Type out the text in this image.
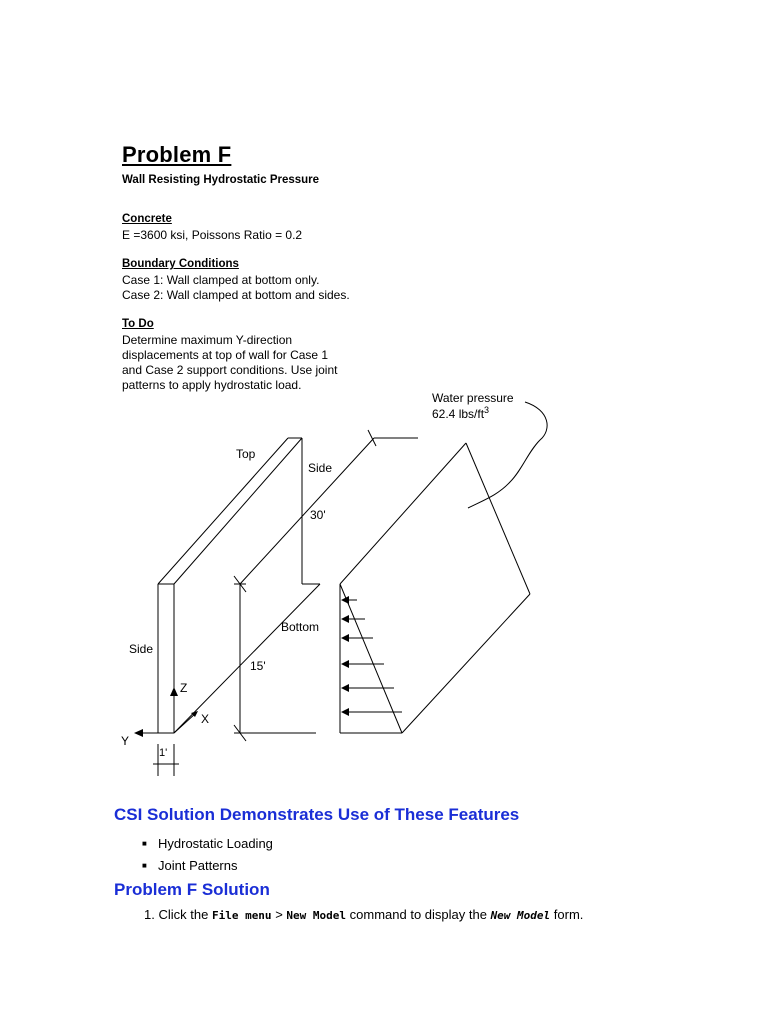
Problem F
Wall Resisting Hydrostatic Pressure
Concrete
E =3600 ksi, Poissons Ratio = 0.2
Boundary Conditions
Case 1: Wall clamped at bottom only.
Case 2: Wall clamped at bottom and sides.
To Do
Determine maximum Y-direction
displacements at top of wall for Case 1
and Case 2 support conditions. Use joint
patterns to apply hydrostatic load.
Water pressure
62.4 lbs/$ft^3$
Top
Side
30'
Bottom
Side
15'
Z
X
Y
1'
CSI Solution Demonstrates Use of These Features
■ Hydrostatic Loading
■ Joint Patterns
Problem F Solution
1. Click the File menu > New Model command to display the New Model form.
